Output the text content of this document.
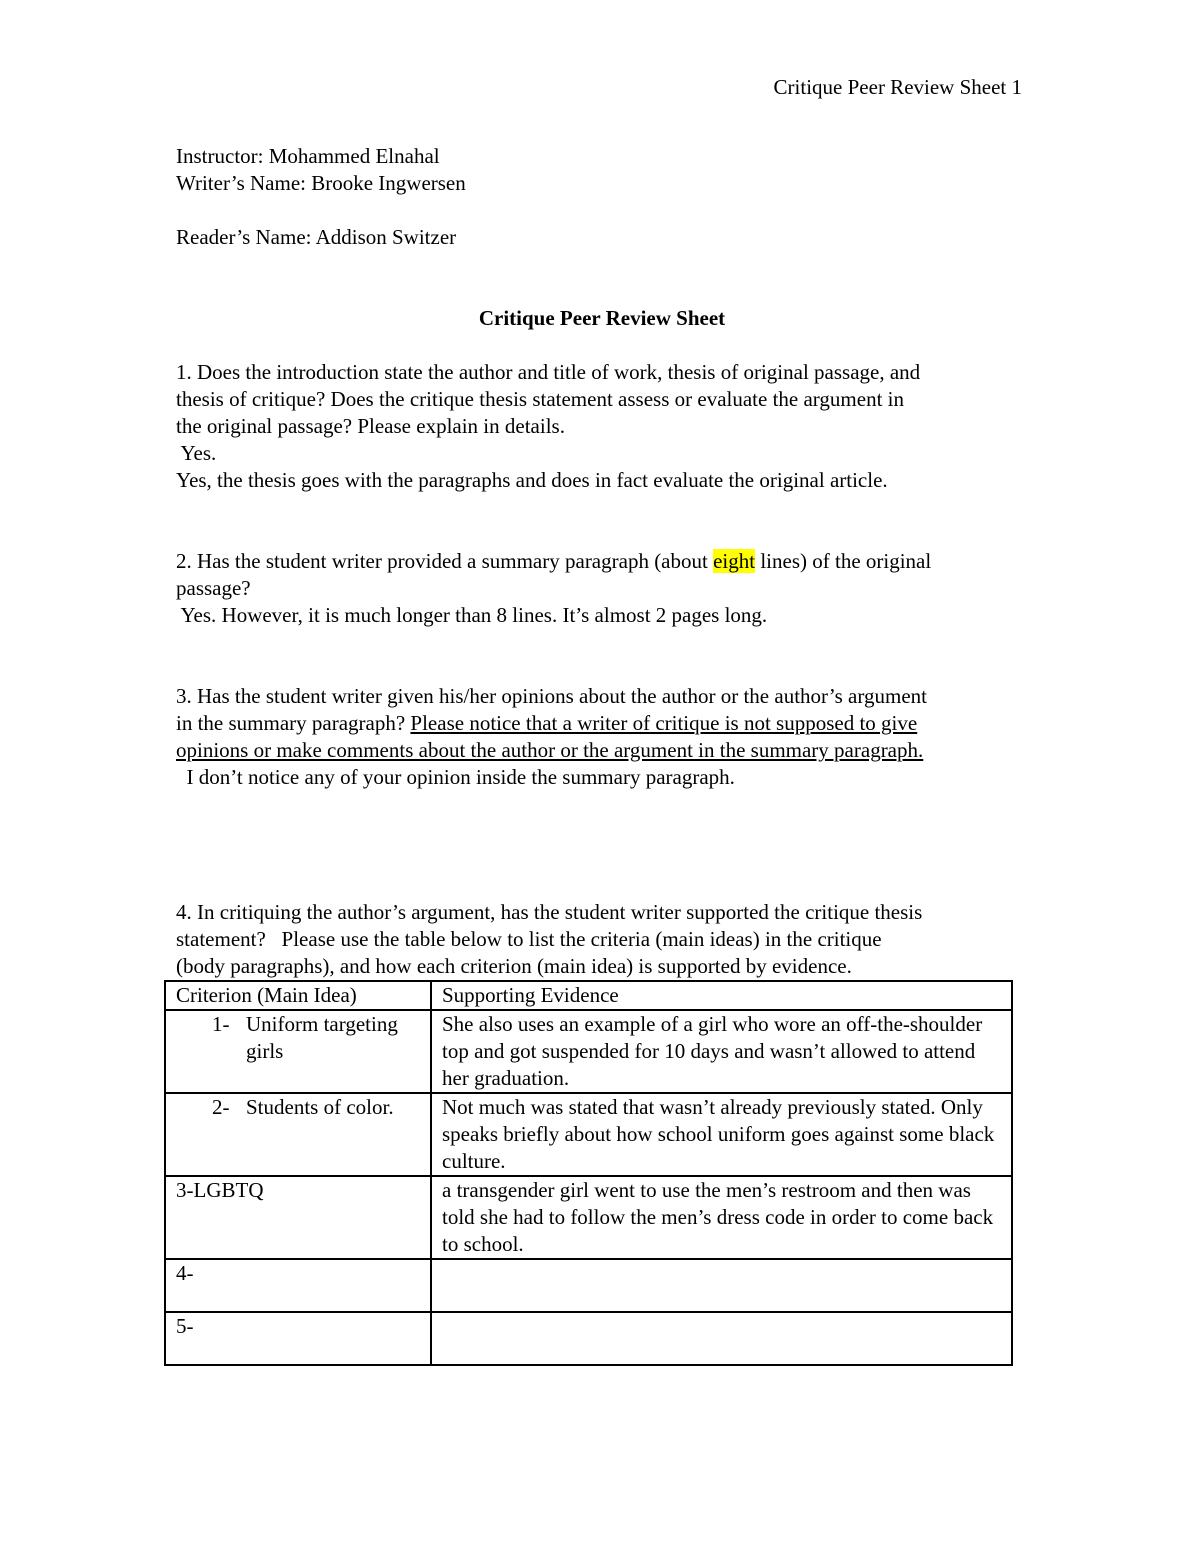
Critique Peer Review Sheet 1
Instructor: Mohammed Elnahal
Writer’s Name: Brooke Ingwersen
Reader’s Name: Addison Switzer
Critique Peer Review Sheet
1. Does the introduction state the author and title of work, thesis of original passage, and
thesis of critique? Does the critique thesis statement assess or evaluate the argument in
the original passage? Please explain in details.
Yes.
Yes, the thesis goes with the paragraphs and does in fact evaluate the original article.
2. Has the student writer provided a summary paragraph (about eight lines) of the original
passage?
Yes. However, it is much longer than 8 lines. It’s almost 2 pages long.
3. Has the student writer given his/her opinions about the author or the author’s argument
in the summary paragraph? Please notice that a writer of critique is not supposed to give
opinions or make comments about the author or the argument in the summary paragraph.
I don’t notice any of your opinion inside the summary paragraph.
4. In critiquing the author’s argument, has the student writer supported the critique thesis
statement?   Please use the table below to list the criteria (main ideas) in the critique
(body paragraphs), and how each criterion (main idea) is supported by evidence.
Criterion (Main Idea)	Supporting Evidence

1- Uniform targeting girls	She also uses an example of a girl who wore an off-the-shoulder top and got suspended for 10 days and wasn’t allowed to attend her graduation.

2- Students of color.	Not much was stated that wasn’t already previously stated. Only speaks briefly about how school uniform goes against some black culture.
3-LGBTQ	a transgender girl went to use the men’s restroom and then was told she had to follow the men’s dress code in order to come back to school.
4-	
5-	
